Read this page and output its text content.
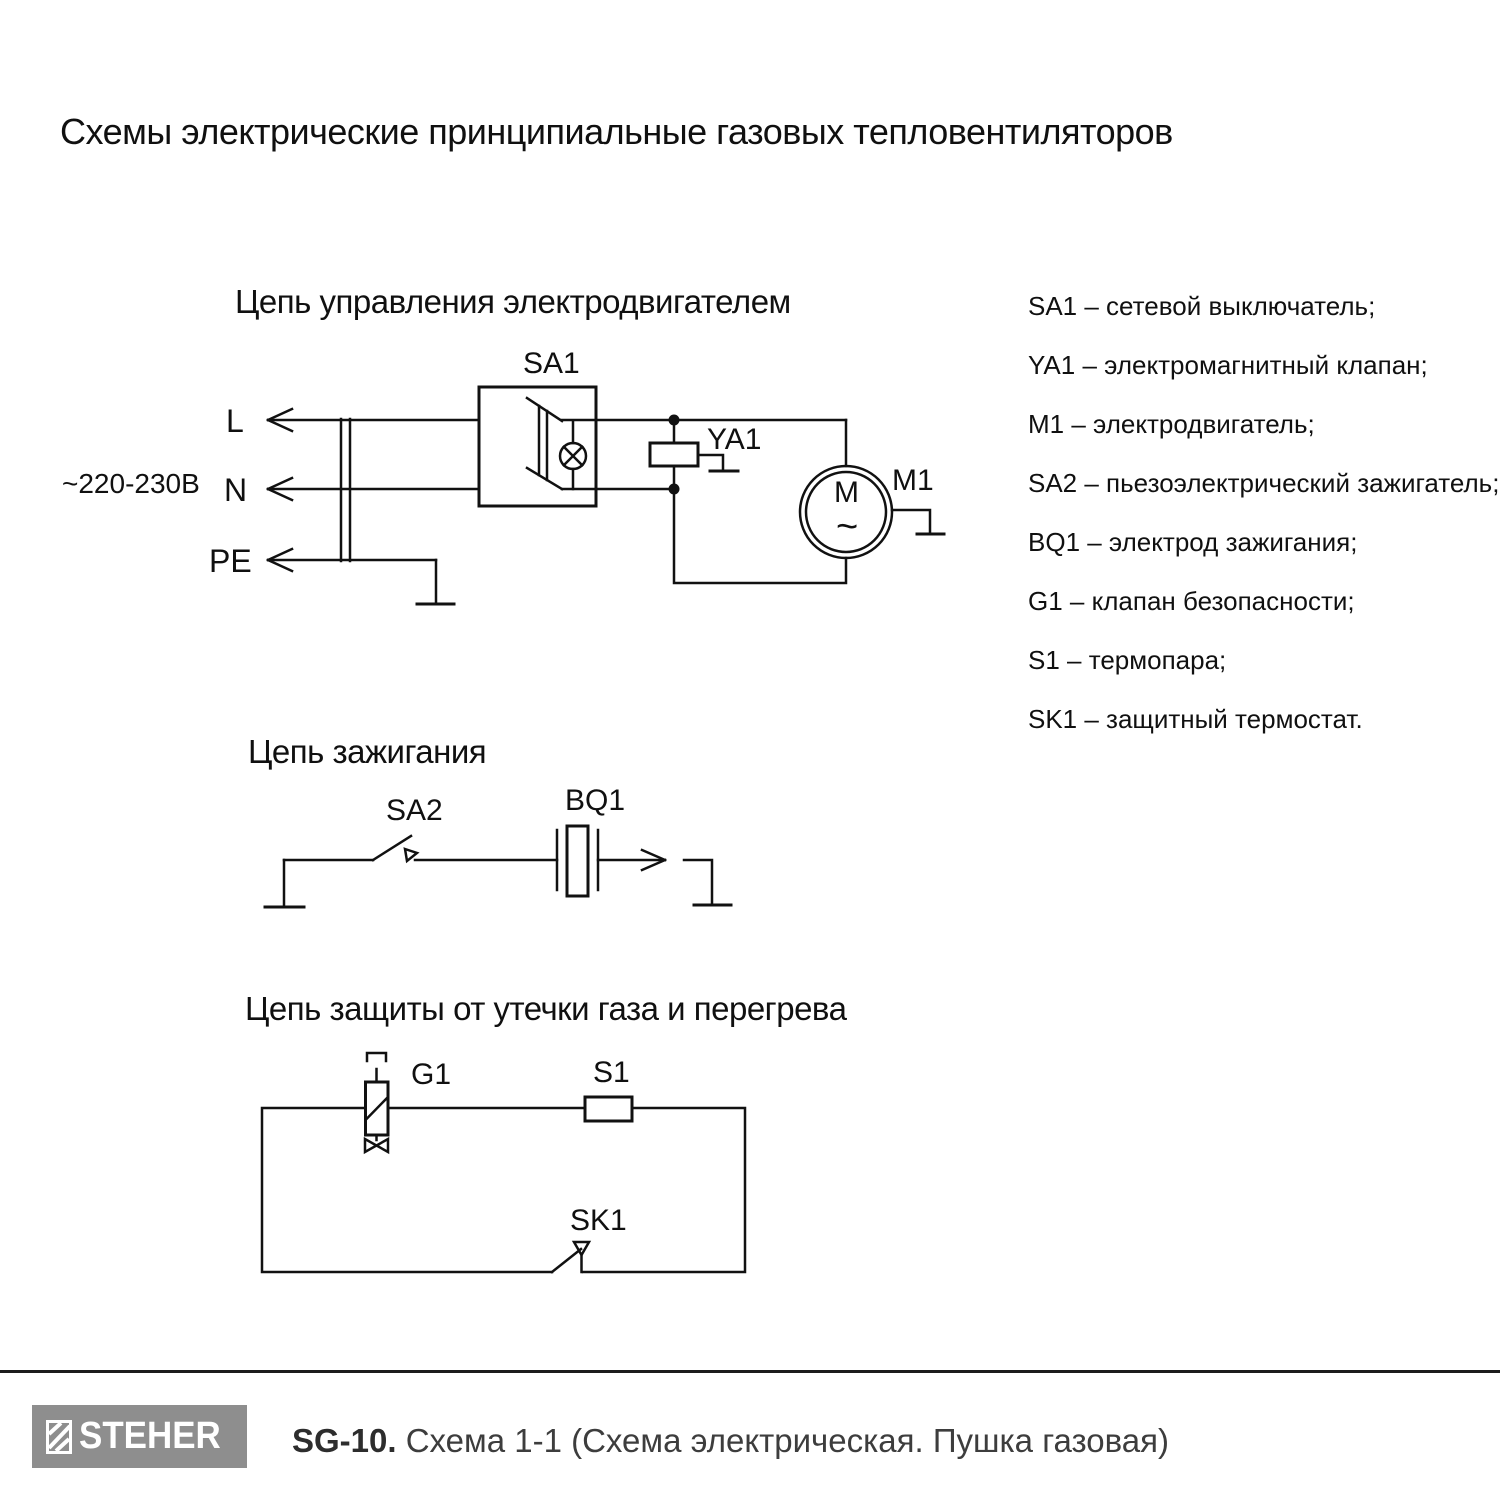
Схемы электрические принципиальные газовых тепловентиляторов
Цепь управления электродвигателем
~220-230В
L
N
PE
SA1
YA1
M1
M
~
Цепь зажигания
SA2	BQ1
Цепь защиты от утечки газа и перегрева
G1	S1
SK1
SA1 – сетевой выключатель;
YA1 – электромагнитный клапан;
M1 – электродвигатель;
SA2 – пьезоэлектрический зажигатель;
BQ1 – электрод зажигания;
G1 – клапан безопасности;
S1 – термопара;
SK1 – защитный термостат.
STEHER SG-10. Схема 1-1 (Схема электрическая. Пушка газовая)
